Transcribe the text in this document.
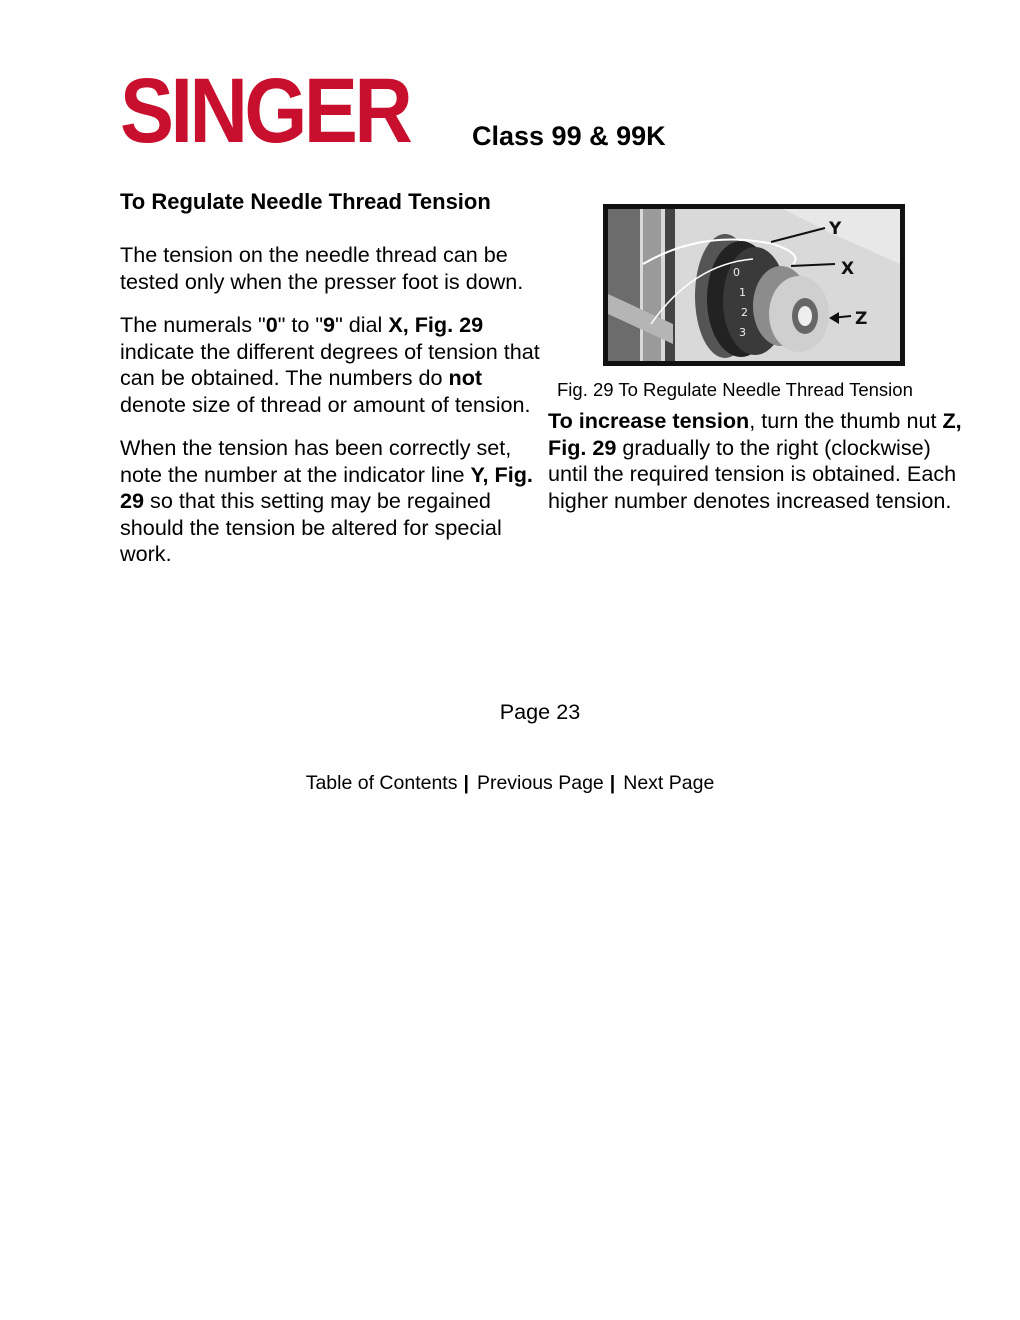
SINGER Class 99 & 99K
To Regulate Needle Thread Tension

The tension on the needle thread can be tested only when the presser foot is down.

The numerals "0" to "9" dial X, Fig. 29 indicate the different degrees of tension that can be obtained. The numbers do not denote size of thread or amount of tension.

When the tension has been correctly set, note the number at the indicator line Y, Fig. 29 so that this setting may be regained should the tension be altered for special work.

0
1
2
3
Y
X
Z

Fig. 29 To Regulate Needle Thread Tension

To increase tension, turn the thumb nut Z, Fig. 29 gradually to the right (clockwise) until the required tension is obtained. Each higher number denotes increased tension.

Page 23

Table of Contents | Previous Page | Next Page
